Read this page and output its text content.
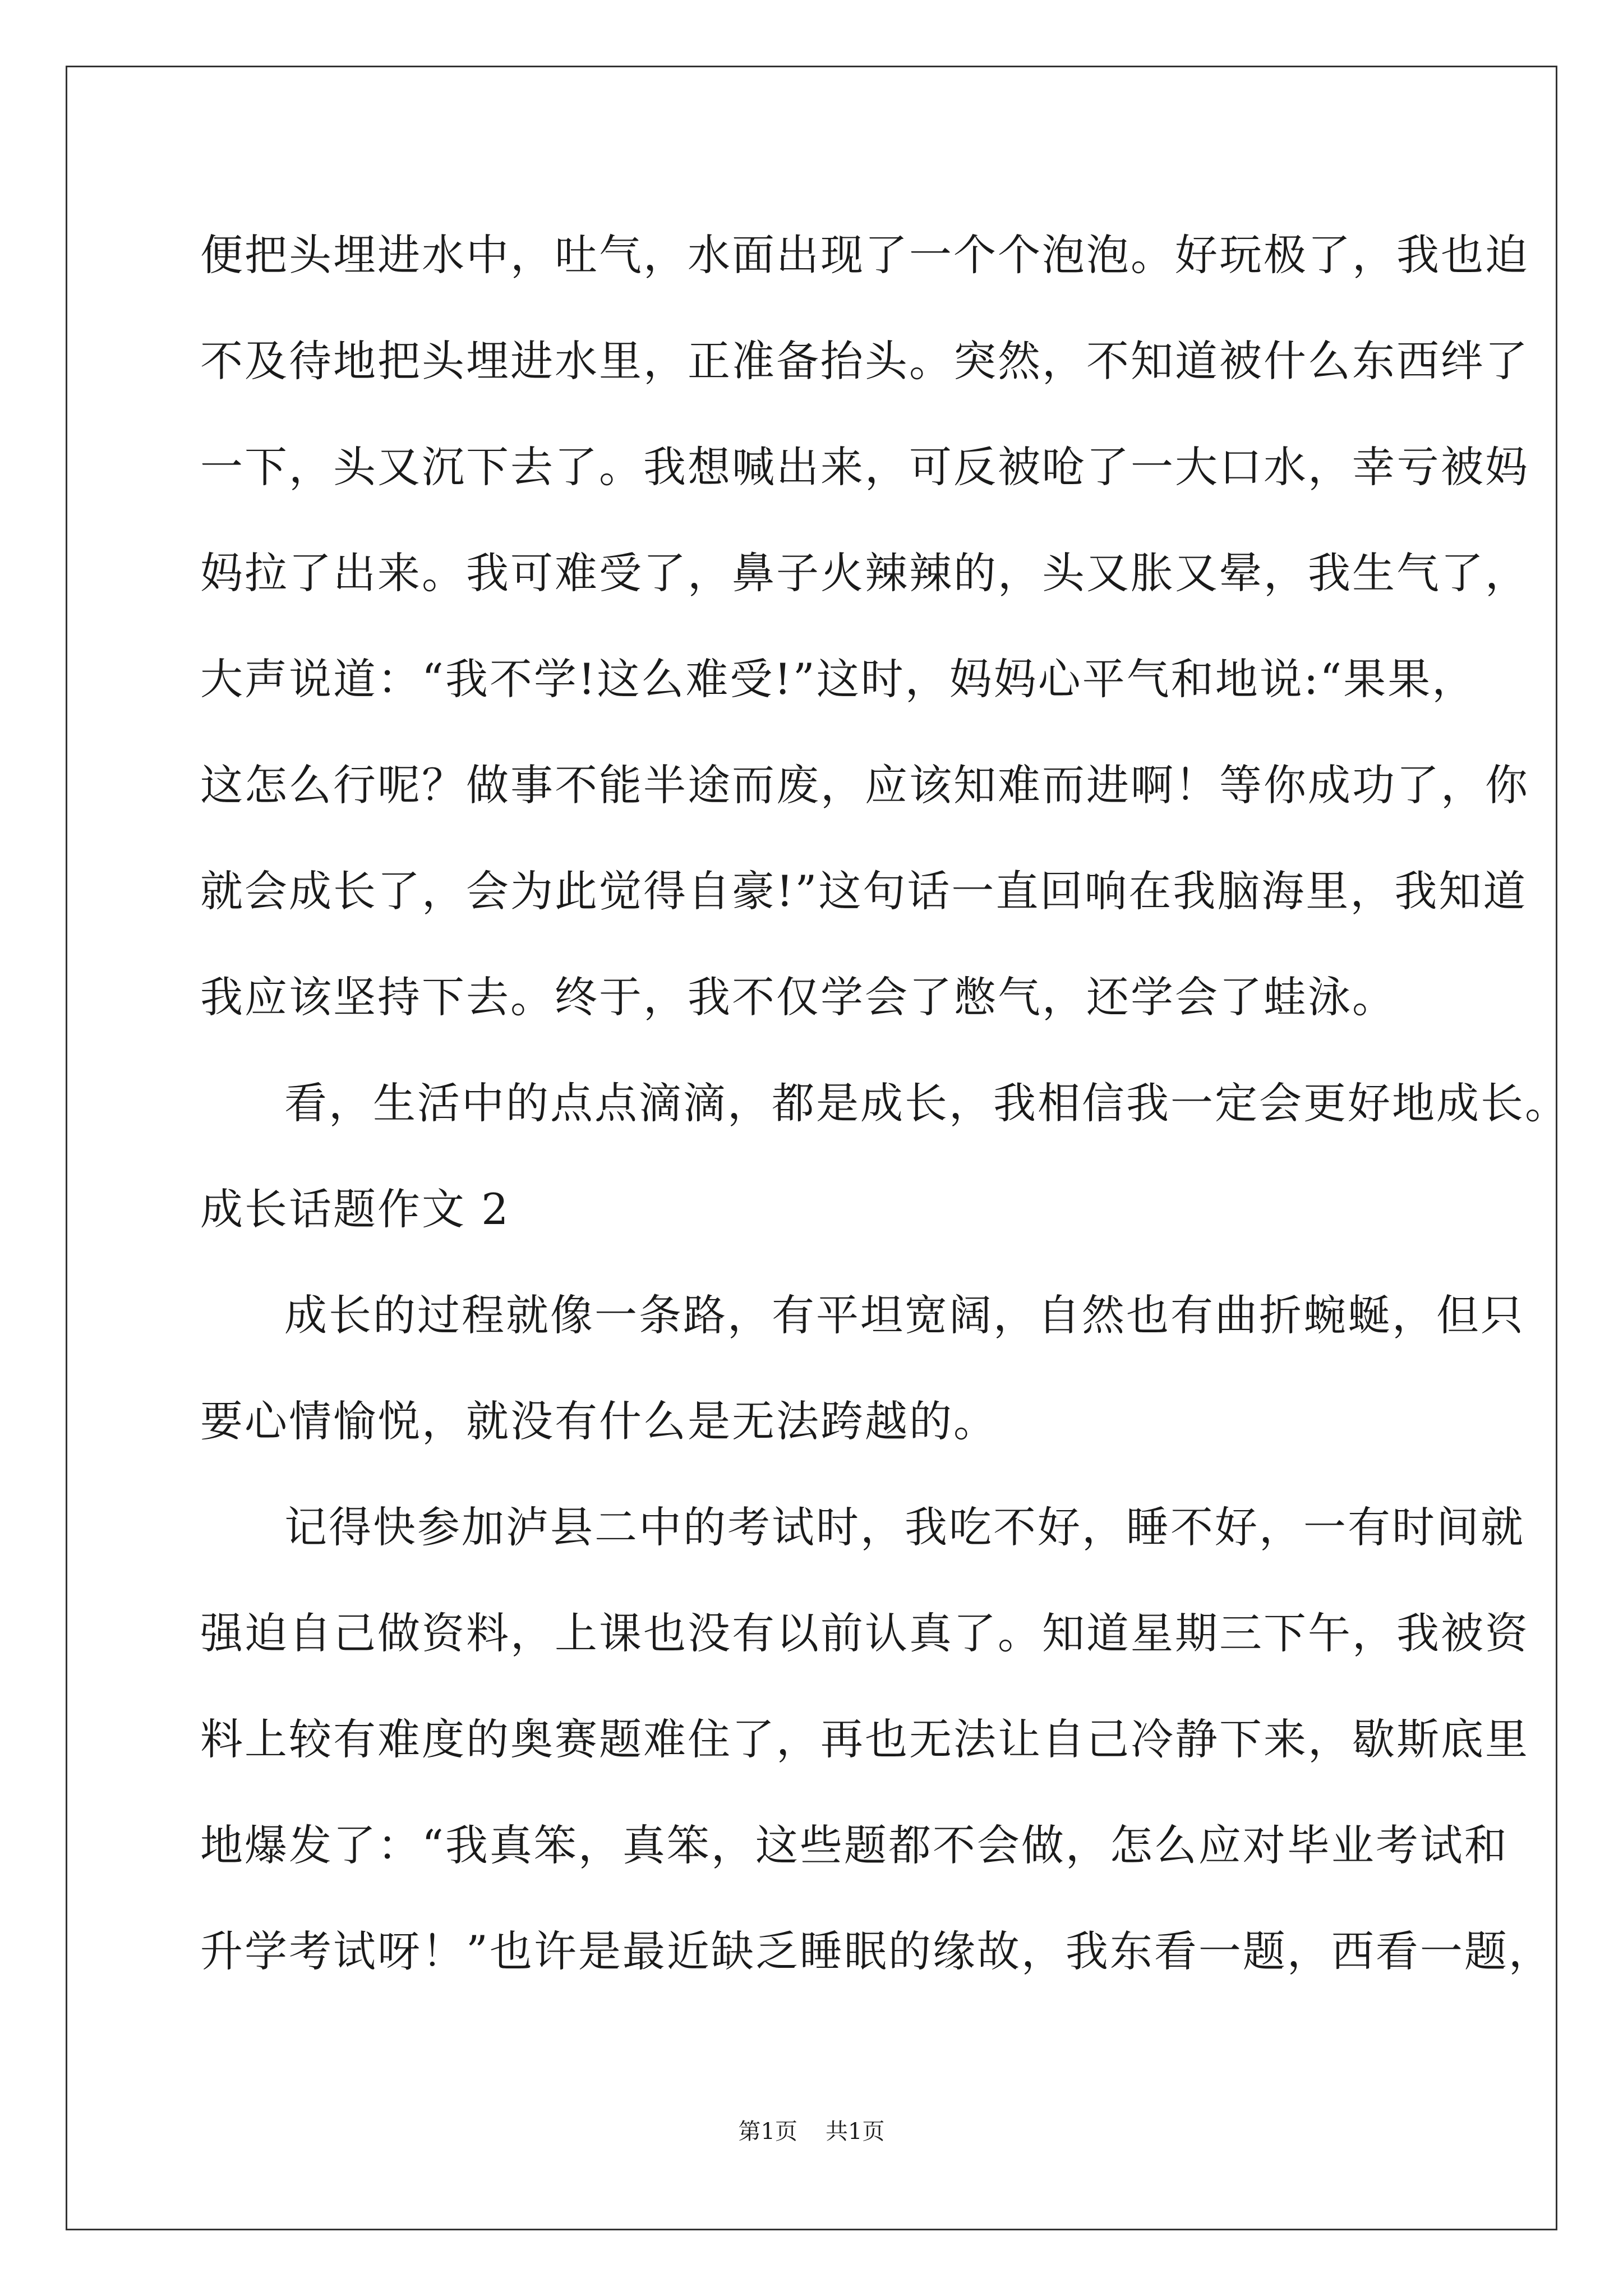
便把头埋进水中，吐气，水面出现了一个个泡泡。好玩极了，我也迫
不及待地把头埋进水里，正准备抬头。突然，不知道被什么东西绊了
一下，头又沉下去了。我想喊出来，可反被呛了一大口水，幸亏被妈
妈拉了出来。我可难受了，鼻子火辣辣的，头又胀又晕，我生气了，
大声说道：“我不学!这么难受!”这时，妈妈心平气和地说:“果果，
这怎么行呢？做事不能半途而废，应该知难而进啊！等你成功了，你
就会成长了，会为此觉得自豪!”这句话一直回响在我脑海里，我知道
我应该坚持下去。终于，我不仅学会了憋气，还学会了蛙泳。
看，生活中的点点滴滴，都是成长，我相信我一定会更好地成长。
成长话题作文 2
成长的过程就像一条路，有平坦宽阔，自然也有曲折蜿蜒，但只
要心情愉悦，就没有什么是无法跨越的。
记得快参加泸县二中的考试时，我吃不好，睡不好，一有时间就
强迫自己做资料，上课也没有以前认真了。知道星期三下午，我被资
料上较有难度的奥赛题难住了，再也无法让自己冷静下来，歇斯底里
地爆发了：“我真笨，真笨，这些题都不会做，怎么应对毕业考试和
升学考试呀！”也许是最近缺乏睡眠的缘故，我东看一题，西看一题，
第1页 共1页
